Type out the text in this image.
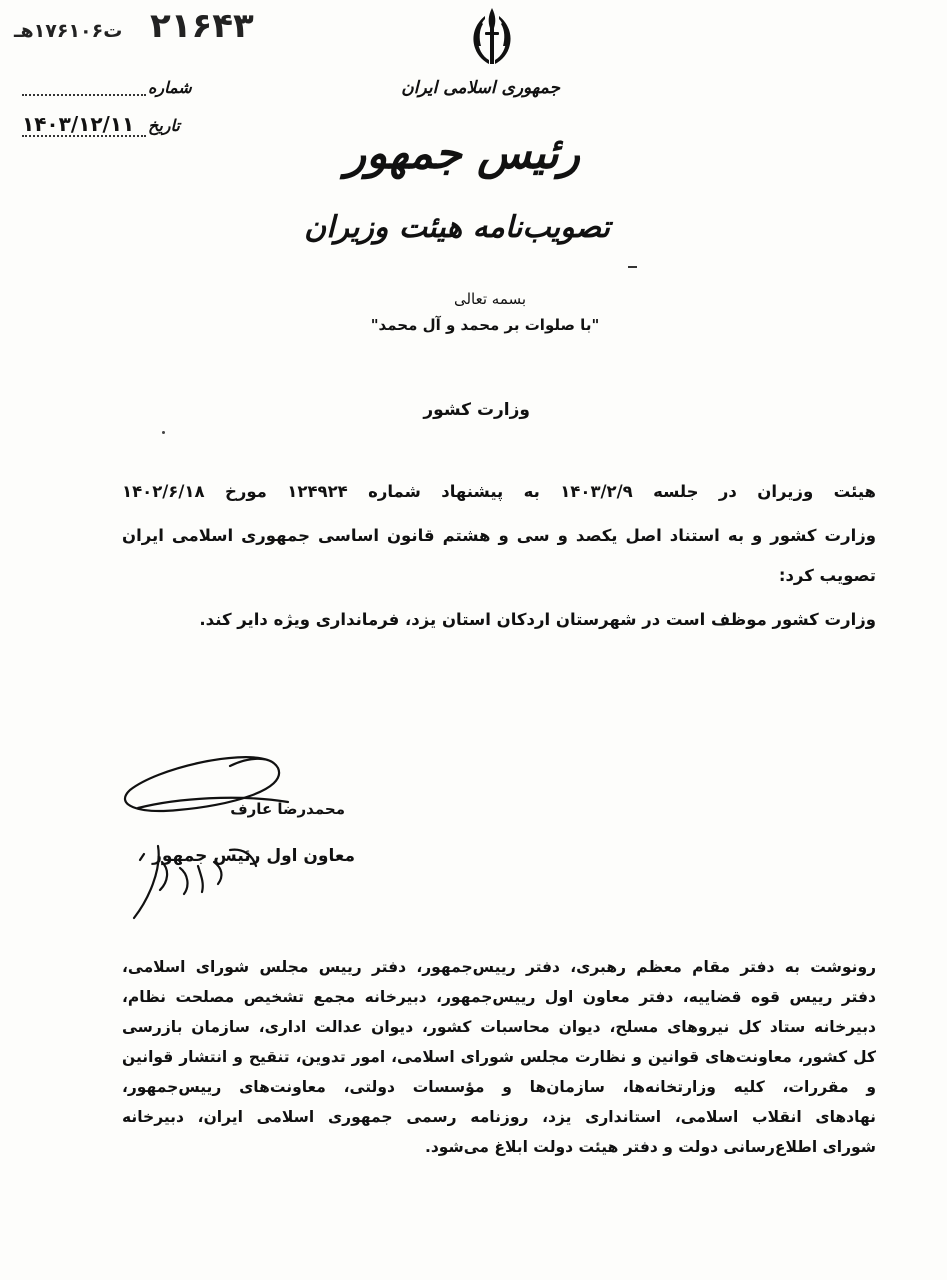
۲۱۶۴۳
ت۱۷۶۱۰۶هـ
شماره
تاریخ
۱۴۰۳/۱۲/۱۱
جمهوری اسلامی ایران
رئیس جمهور
تصویب‌نامه هیئت وزیران
بسمه تعالی
"با صلوات بر محمد و آل محمد"
وزارت کشور
هیئت وزیران در جلسه ۱۴۰۳/۲/۹ به پیشنهاد شماره ۱۲۴۹۲۴ مورخ ۱۴۰۲/۶/۱۸
وزارت کشور و به استناد اصل یکصد و سی و هشتم قانون اساسی جمهوری اسلامی ایران
تصویب کرد:
وزارت کشور موظف است در شهرستان اردکان استان یزد، فرمانداری ویژه دایر کند.
محمدرضا عارف
معاون اول رئیس جمهور
رونوشت به دفتر مقام معظم رهبری، دفتر رییس‌جمهور، دفتر رییس مجلس شورای اسلامی،
دفتر رییس قوه قضاییه، دفتر معاون اول رییس‌جمهور، دبیرخانه مجمع تشخیص مصلحت نظام،
دبیرخانه ستاد کل نیروهای مسلح، دیوان محاسبات کشور، دیوان عدالت اداری، سازمان بازرسی
کل کشور، معاونت‌های قوانین و نظارت مجلس شورای اسلامی، امور تدوین، تنقیح و انتشار قوانین
و مقررات، کلیه وزارتخانه‌ها، سازمان‌ها و مؤسسات دولتی، معاونت‌های رییس‌جمهور،
نهادهای انقلاب اسلامی، استانداری یزد، روزنامه رسمی جمهوری اسلامی ایران، دبیرخانه
شورای اطلاع‌رسانی دولت و دفتر هیئت دولت ابلاغ می‌شود.
